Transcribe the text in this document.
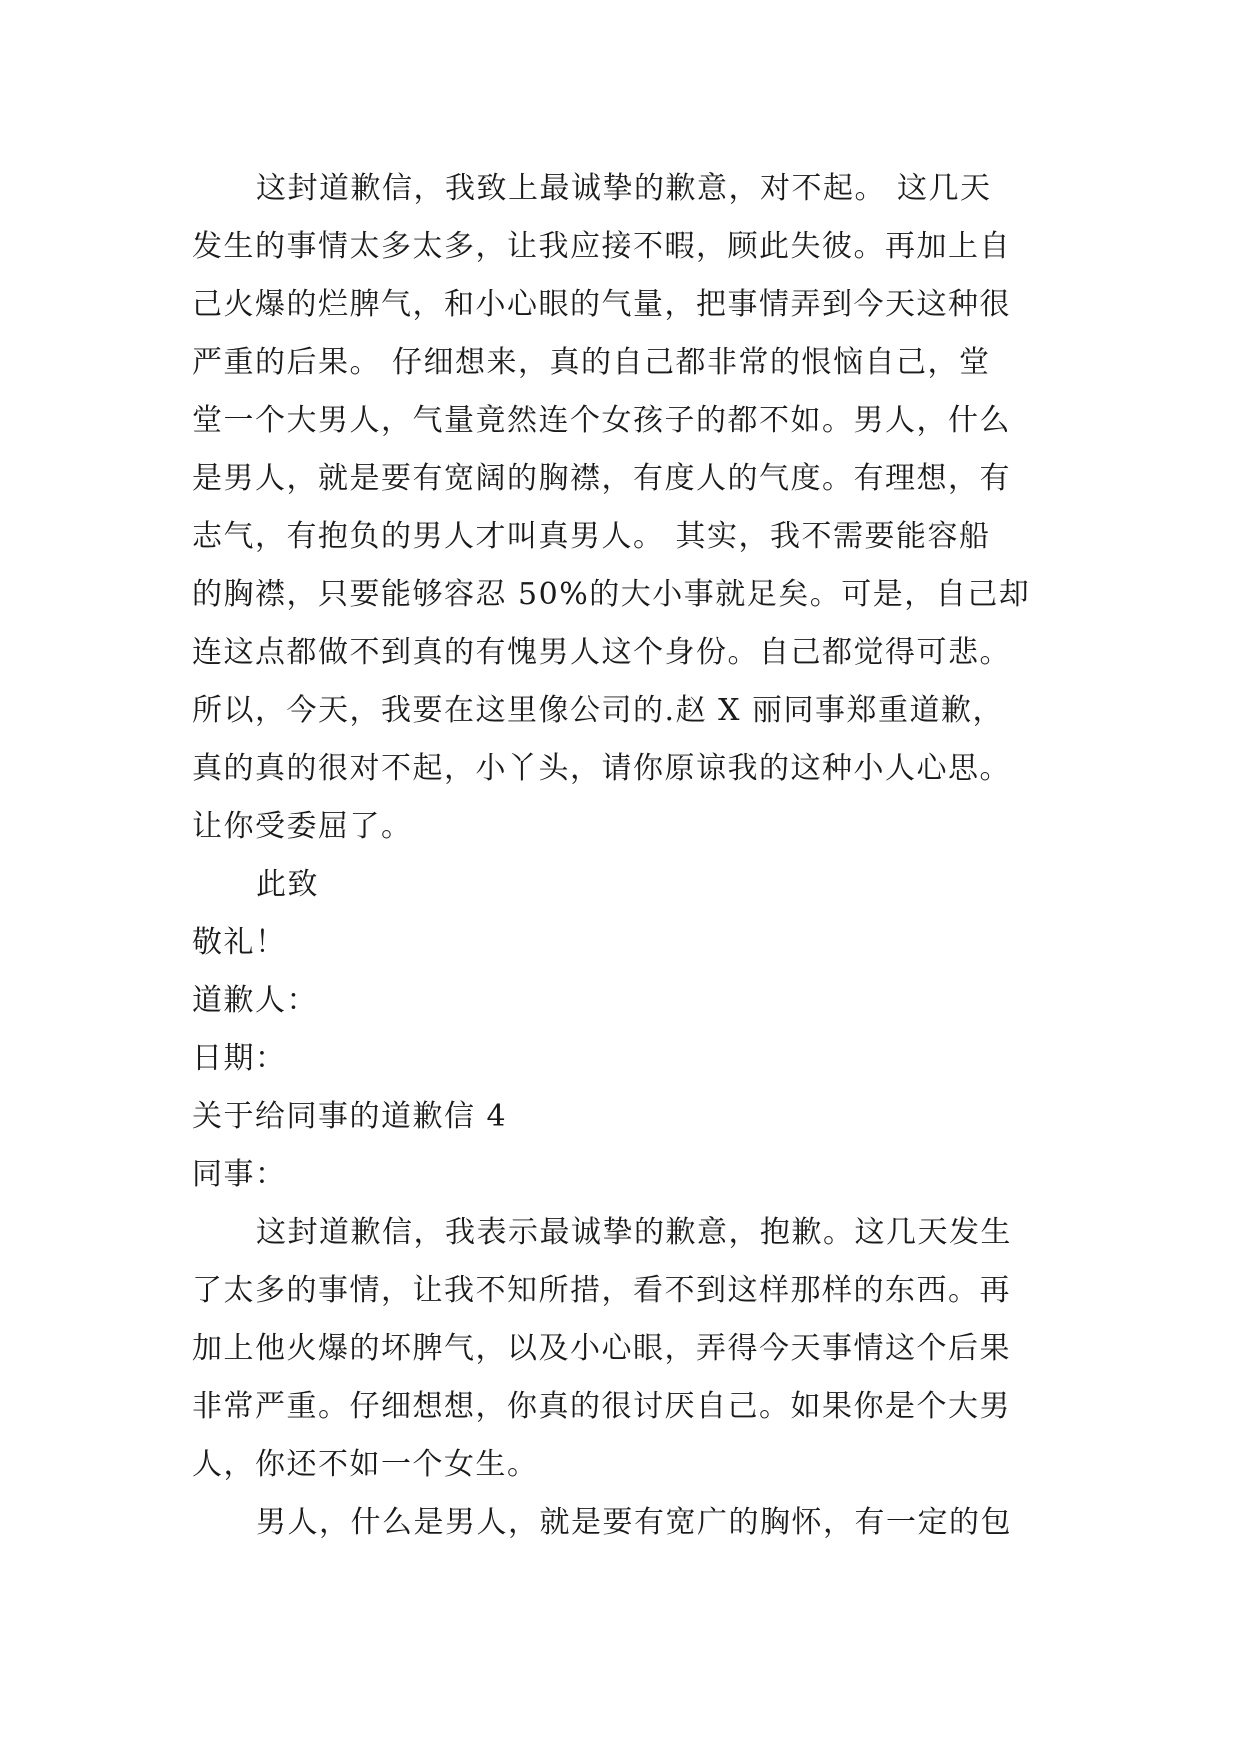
这封道歉信，我致上最诚挚的歉意，对不起。 这几天
发生的事情太多太多，让我应接不暇，顾此失彼。再加上自
己火爆的烂脾气，和小心眼的气量，把事情弄到今天这种很
严重的后果。 仔细想来，真的自己都非常的恨恼自己，堂
堂一个大男人，气量竟然连个女孩子的都不如。男人，什么
是男人，就是要有宽阔的胸襟，有度人的气度。有理想，有
志气，有抱负的男人才叫真男人。 其实，我不需要能容船
的胸襟，只要能够容忍 50%的大小事就足矣。可是，自己却
连这点都做不到真的有愧男人这个身份。自己都觉得可悲。
所以，今天，我要在这里像公司的.赵 X 丽同事郑重道歉，
真的真的很对不起，小丫头，请你原谅我的这种小人心思。
让你受委屈了。
此致
敬礼！
道歉人：
日期：
关于给同事的道歉信 4
同事：
这封道歉信，我表示最诚挚的歉意，抱歉。这几天发生
了太多的事情，让我不知所措，看不到这样那样的东西。再
加上他火爆的坏脾气，以及小心眼，弄得今天事情这个后果
非常严重。仔细想想，你真的很讨厌自己。如果你是个大男
人，你还不如一个女生。
男人，什么是男人，就是要有宽广的胸怀，有一定的包
